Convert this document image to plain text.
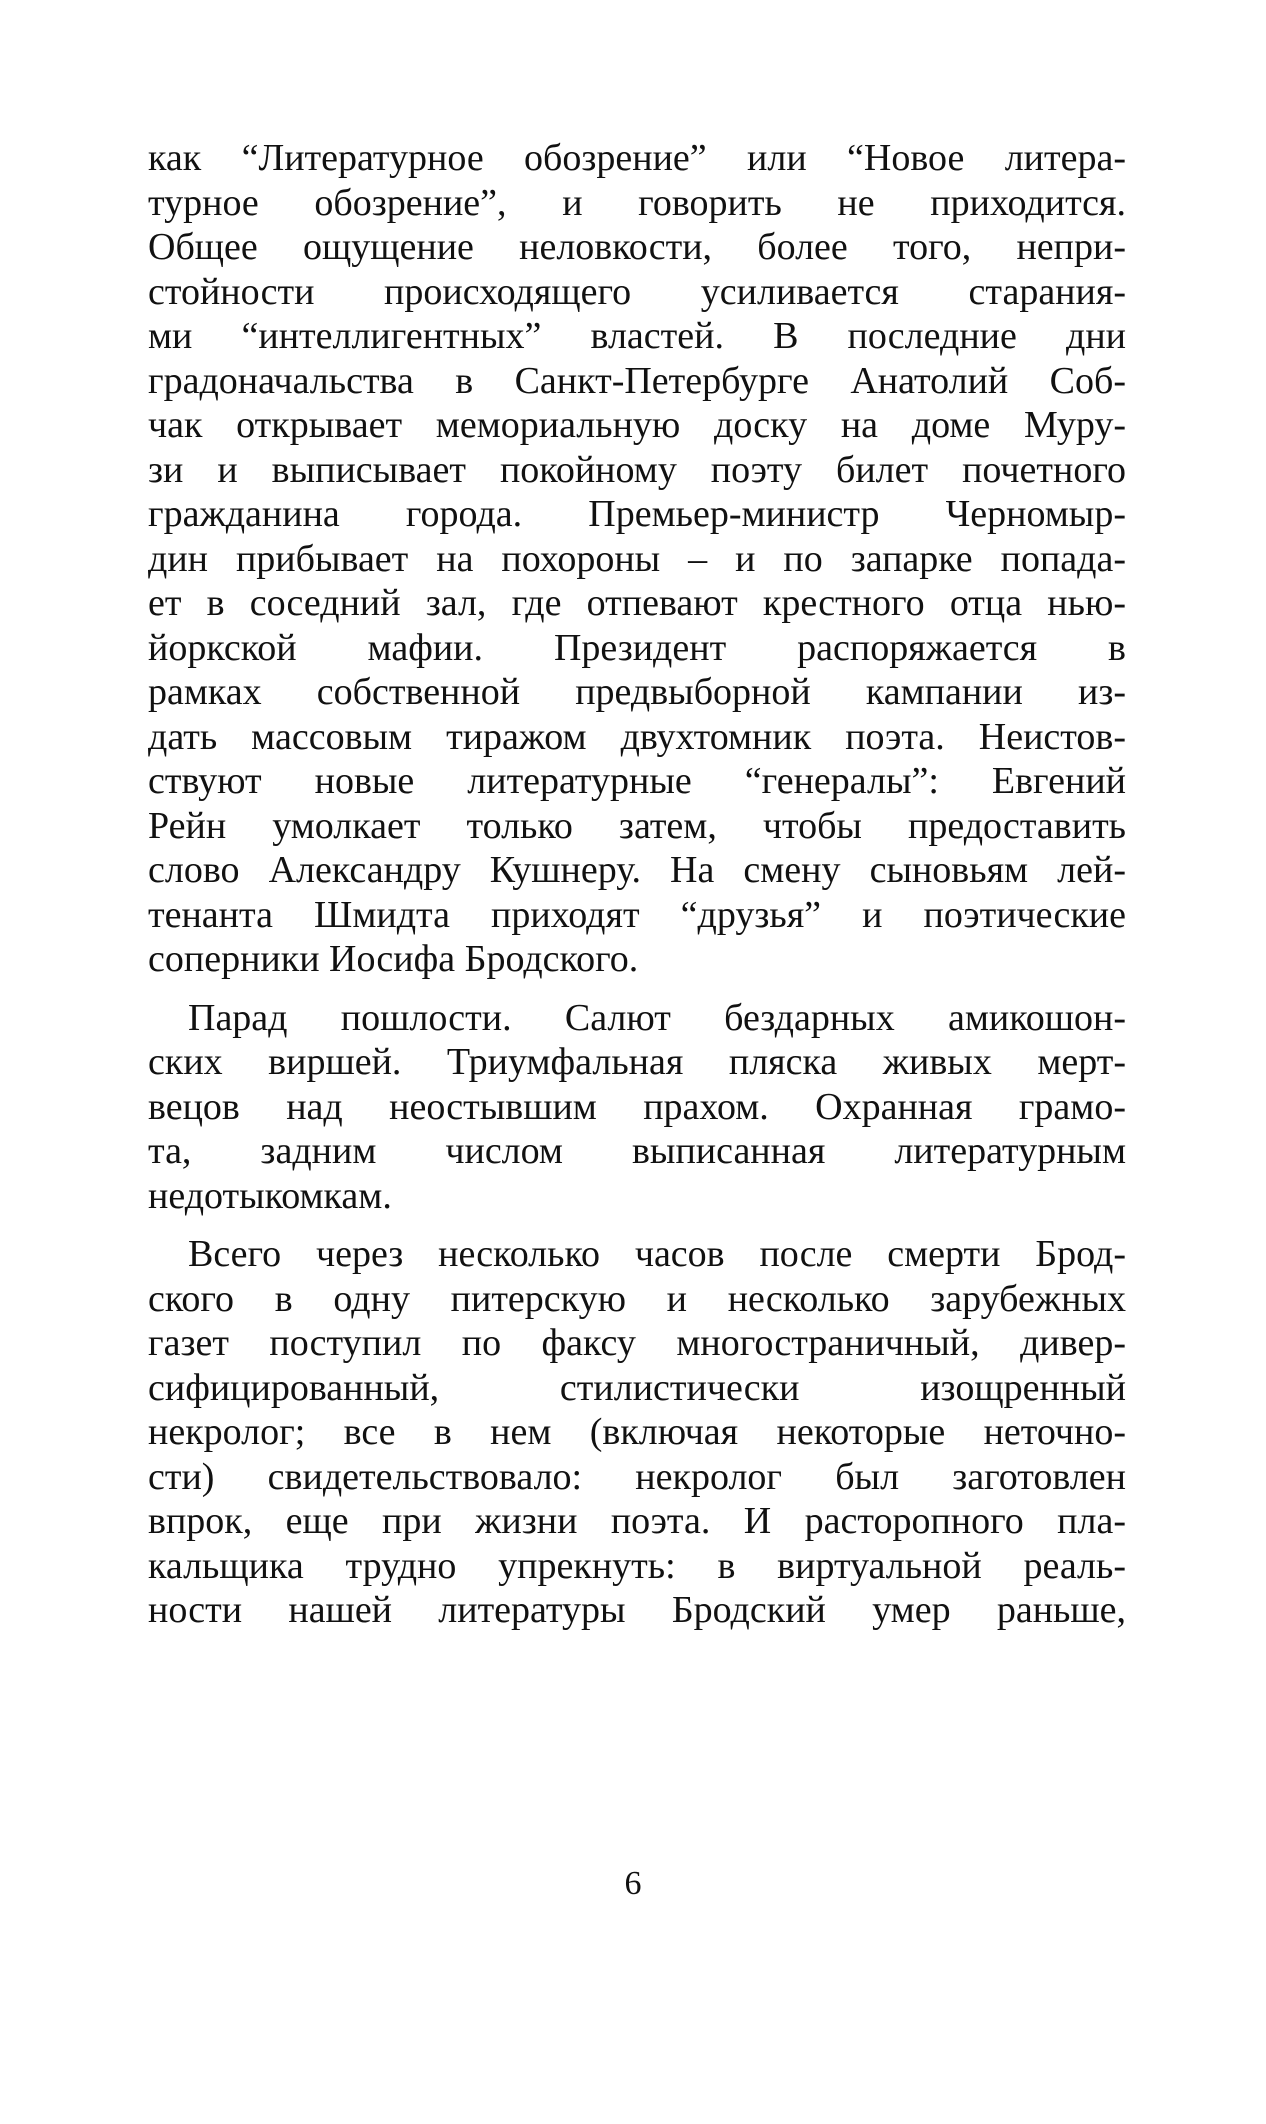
как “Литературное обозрение” или “Новое литера-
турное обозрение”, и говорить не приходится.
Общее ощущение неловкости, более того, непри-
стойности происходящего усиливается старания-
ми “интеллигентных” властей. В последние дни
градоначальства в Санкт-Петербурге Анатолий Соб-
чак открывает мемориальную доску на доме Муру-
зи и выписывает покойному поэту билет почетного
гражданина города. Премьер-министр Черномыр-
дин прибывает на похороны – и по запарке попада-
ет в соседний зал, где отпевают крестного отца нью-
йоркской мафии. Президент распоряжается в
рамках собственной предвыборной кампании из-
дать массовым тиражом двухтомник поэта. Неистов-
ствуют новые литературные “генералы”: Евгений
Рейн умолкает только затем, чтобы предоставить
слово Александру Кушнеру. На смену сыновьям лей-
тенанта Шмидта приходят “друзья” и поэтические
соперники Иосифа Бродского.
Парад пошлости. Салют бездарных амикошон-
ских виршей. Триумфальная пляска живых мерт-
вецов над неостывшим прахом. Охранная грамо-
та, задним числом выписанная литературным
недотыкомкам.
Всего через несколько часов после смерти Брод-
ского в одну питерскую и несколько зарубежных
газет поступил по факсу многостраничный, дивер-
сифицированный, стилистически изощренный
некролог; все в нем (включая некоторые неточно-
сти) свидетельствовало: некролог был заготовлен
впрок, еще при жизни поэта. И расторопного пла-
кальщика трудно упрекнуть: в виртуальной реаль-
ности нашей литературы Бродский умер раньше,
6
